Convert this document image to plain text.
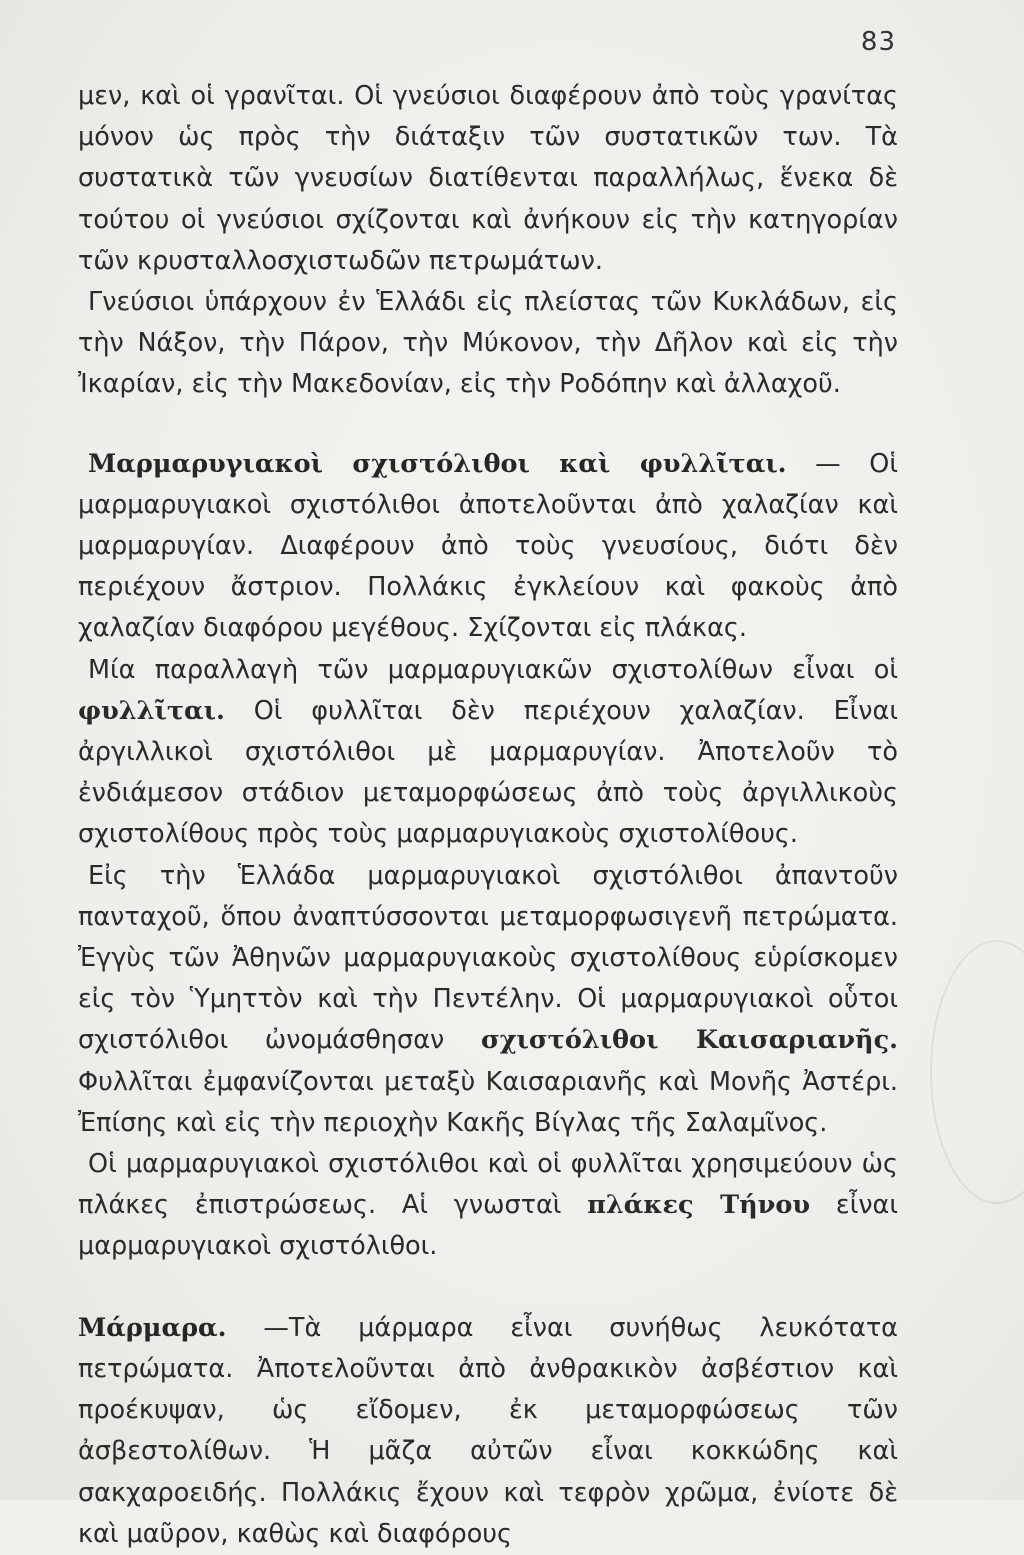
83

μεν, καὶ οἱ γρανῖται. Οἱ γνεύσιοι διαφέρουν ἀπὸ τοὺς γρανίτας μόνον ὡς πρὸς τὴν διάταξιν τῶν συστατικῶν των. Τὰ συστατικὰ τῶν γνευσίων διατίθενται παραλλήλως, ἕνεκα δὲ τούτου οἱ γνεύσιοι σχίζονται καὶ ἀνήκουν εἰς τὴν κατηγορίαν τῶν κρυσταλλοσχιστωδῶν πετρωμάτων.

Γνεύσιοι ὑπάρχουν ἐν Ἑλλάδι εἰς πλείστας τῶν Κυκλάδων, εἰς τὴν Νάξον, τὴν Πάρον, τὴν Μύκονον, τὴν Δῆλον καὶ εἰς τὴν Ἰκαρίαν, εἰς τὴν Μακεδονίαν, εἰς τὴν Ροδόπην καὶ ἀλλαχοῦ.

Μαρμαρυγιακοὶ σχιστόλιθοι καὶ φυλλῖται. — Οἱ μαρμαρυγιακοὶ σχιστόλιθοι ἀποτελοῦνται ἀπὸ χαλαζίαν καὶ μαρμαρυγίαν. Διαφέρουν ἀπὸ τοὺς γνευσίους, διότι δὲν περιέχουν ἄστριον. Πολλάκις ἐγκλείουν καὶ φακοὺς ἀπὸ χαλαζίαν διαφόρου μεγέθους. Σχίζονται εἰς πλάκας.

Μία παραλλαγὴ τῶν μαρμαρυγιακῶν σχιστολίθων εἶναι οἱ φυλλῖται. Οἱ φυλλῖται δὲν περιέχουν χαλαζίαν. Εἶναι ἀργιλλικοὶ σχιστόλιθοι μὲ μαρμαρυγίαν. Ἀποτελοῦν τὸ ἐνδιάμεσον στάδιον μεταμορφώσεως ἀπὸ τοὺς ἀργιλλικοὺς σχιστολίθους πρὸς τοὺς μαρμαρυγιακοὺς σχιστολίθους.

Εἰς τὴν Ἑλλάδα μαρμαρυγιακοὶ σχιστόλιθοι ἀπαντοῦν πανταχοῦ, ὅπου ἀναπτύσσονται μεταμορφωσιγενῆ πετρώματα. Ἐγγὺς τῶν Ἀθηνῶν μαρμαρυγιακοὺς σχιστολίθους εὑρίσκομεν εἰς τὸν Ὑμηττὸν καὶ τὴν Πεντέλην. Οἱ μαρμαρυγιακοὶ οὗτοι σχιστόλιθοι ὠνομάσθησαν σχιστόλιθοι Καισαριανῆς. Φυλλῖται ἐμφανίζονται μεταξὺ Καισαριανῆς καὶ Μονῆς Ἀστέρι. Ἐπίσης καὶ εἰς τὴν περιοχὴν Κακῆς Βίγλας τῆς Σαλαμῖνος.

Οἱ μαρμαρυγιακοὶ σχιστόλιθοι καὶ οἱ φυλλῖται χρησιμεύουν ὡς πλάκες ἐπιστρώσεως. Αἱ γνωσταὶ πλάκες Τήνου εἶναι μαρμαρυγιακοὶ σχιστόλιθοι.

Μάρμαρα. —Τὰ μάρμαρα εἶναι συνήθως λευκότατα πετρώματα. Ἀποτελοῦνται ἀπὸ ἀνθρακικὸν ἀσβέστιον καὶ προέκυψαν, ὡς εἴδομεν, ἐκ μεταμορφώσεως τῶν ἀσβεστολίθων. Ἡ μᾶζα αὐτῶν εἶναι κοκκώδης καὶ σακχαροειδής. Πολλάκις ἔχουν καὶ τεφρὸν χρῶμα, ἐνίοτε δὲ καὶ μαῦρον, καθὼς καὶ διαφόρους
